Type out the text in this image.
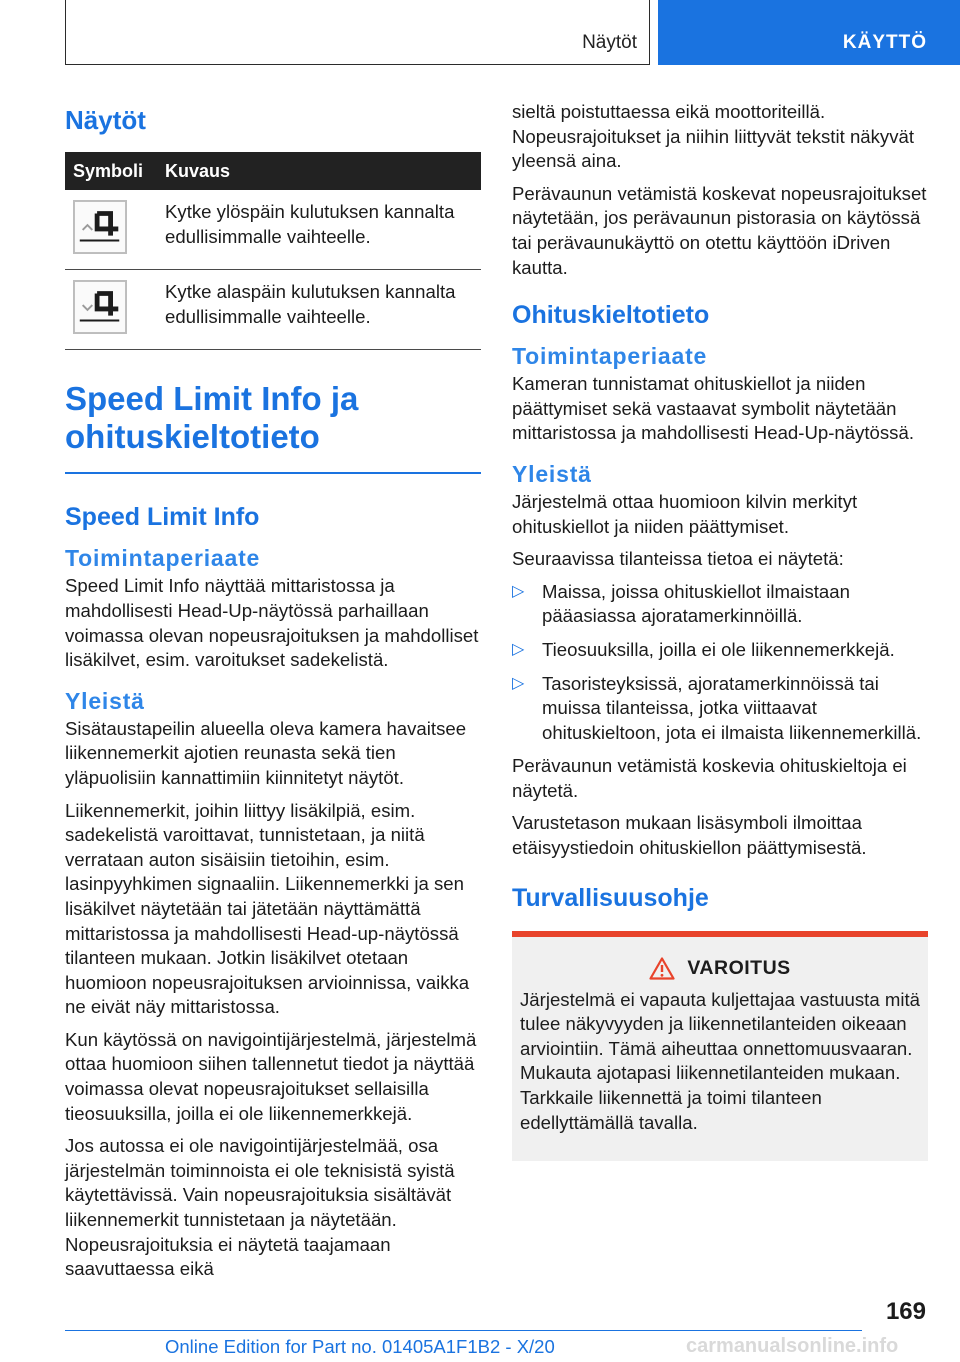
Näytöt	KÄYTTÖ
Näytöt
Symboli	Kuvaus

	Kytke ylöspäin kulutuksen kannalta edullisimmalle vaihteelle.

	Kytke alaspäin kulutuksen kannalta edullisimmalle vaihteelle.
Speed Limit Info ja ohituskieltotieto
Speed Limit Info
Toimintaperiaate

Speed Limit Info näyttää mittaristossa ja mahdollisesti Head-Up-näytössä parhaillaan voimassa olevan nopeusrajoituksen ja mahdolliset lisäkilvet, esim. varoitukset sadekelistä.

Yleistä

Sisätaustapeilin alueella oleva kamera havaitsee liikennemerkit ajotien reunasta sekä tien yläpuolisiin kannattimiin kiinnitetyt näytöt.

Liikennemerkit, joihin liittyy lisäkilpiä, esim. sadekelistä varoittavat, tunnistetaan, ja niitä verrataan auton sisäisiin tietoihin, esim. lasinpyyhkimen signaaliin. Liikennemerkki ja sen lisäkilvet näytetään tai jätetään näyttämättä mittaristossa ja mahdollisesti Head-up-näytössä tilanteen mukaan. Jotkin lisäkilvet otetaan huomioon nopeusrajoituksen arvioinnissa, vaikka ne eivät näy mittaristossa.

Kun käytössä on navigointijärjestelmä, järjestelmä ottaa huomioon siihen tallennetut tiedot ja näyttää voimassa olevat nopeusrajoitukset sellaisilla tieosuuksilla, joilla ei ole liikennemerkkejä.

Jos autossa ei ole navigointijärjestelmää, osa järjestelmän toiminnoista ei ole teknisistä syistä käytettävissä. Vain nopeusrajoituksia sisältävät liikennemerkit tunnistetaan ja näytetään. Nopeusrajoituksia ei näytetä taajamaan saavuttaessa eikä

sieltä poistuttaessa eikä moottoriteillä. Nopeusrajoitukset ja niihin liittyvät tekstit näkyvät yleensä aina.

Perävaunun vetämistä koskevat nopeusrajoitukset näytetään, jos perävaunun pistorasia on käytössä tai perävaunukäyttö on otettu käyttöön iDriven kautta.

Ohituskieltotieto
Toimintaperiaate

Kameran tunnistamat ohituskiellot ja niiden päättymiset sekä vastaavat symbolit näytetään mittaristossa ja mahdollisesti Head-Up-näytössä.

Yleistä

Järjestelmä ottaa huomioon kilvin merkityt ohituskiellot ja niiden päättymiset.

Seuraavissa tilanteissa tietoa ei näytetä:

▷ Maissa, joissa ohituskiellot ilmaistaan pääasiassa ajoratamerkinnöillä.
▷ Tieosuuksilla, joilla ei ole liikennemerkkejä.
▷ Tasoristeyksissä, ajoratamerkinnöissä tai muissa tilanteissa, jotka viittaavat ohituskieltoon, jota ei ilmaista liikennemerkillä.

Perävaunun vetämistä koskevia ohituskieltoja ei näytetä.

Varustetason mukaan lisäsymboli ilmoittaa etäisyystiedoin ohituskiellon päättymisestä.

Turvallisuusohje
VAROITUS

Järjestelmä ei vapauta kuljettajaa vastuusta mitä tulee näkyvyyden ja liikennetilanteiden oikeaan arviointiin. Tämä aiheuttaa onnettomuusvaaran. Mukauta ajotapasi liikennetilanteiden mukaan. Tarkkaile liikennettä ja toimi tilanteen edellyttämällä tavalla.

169
Online Edition for Part no. 01405A1F1B2 - X/20	carmanualsonline.info
